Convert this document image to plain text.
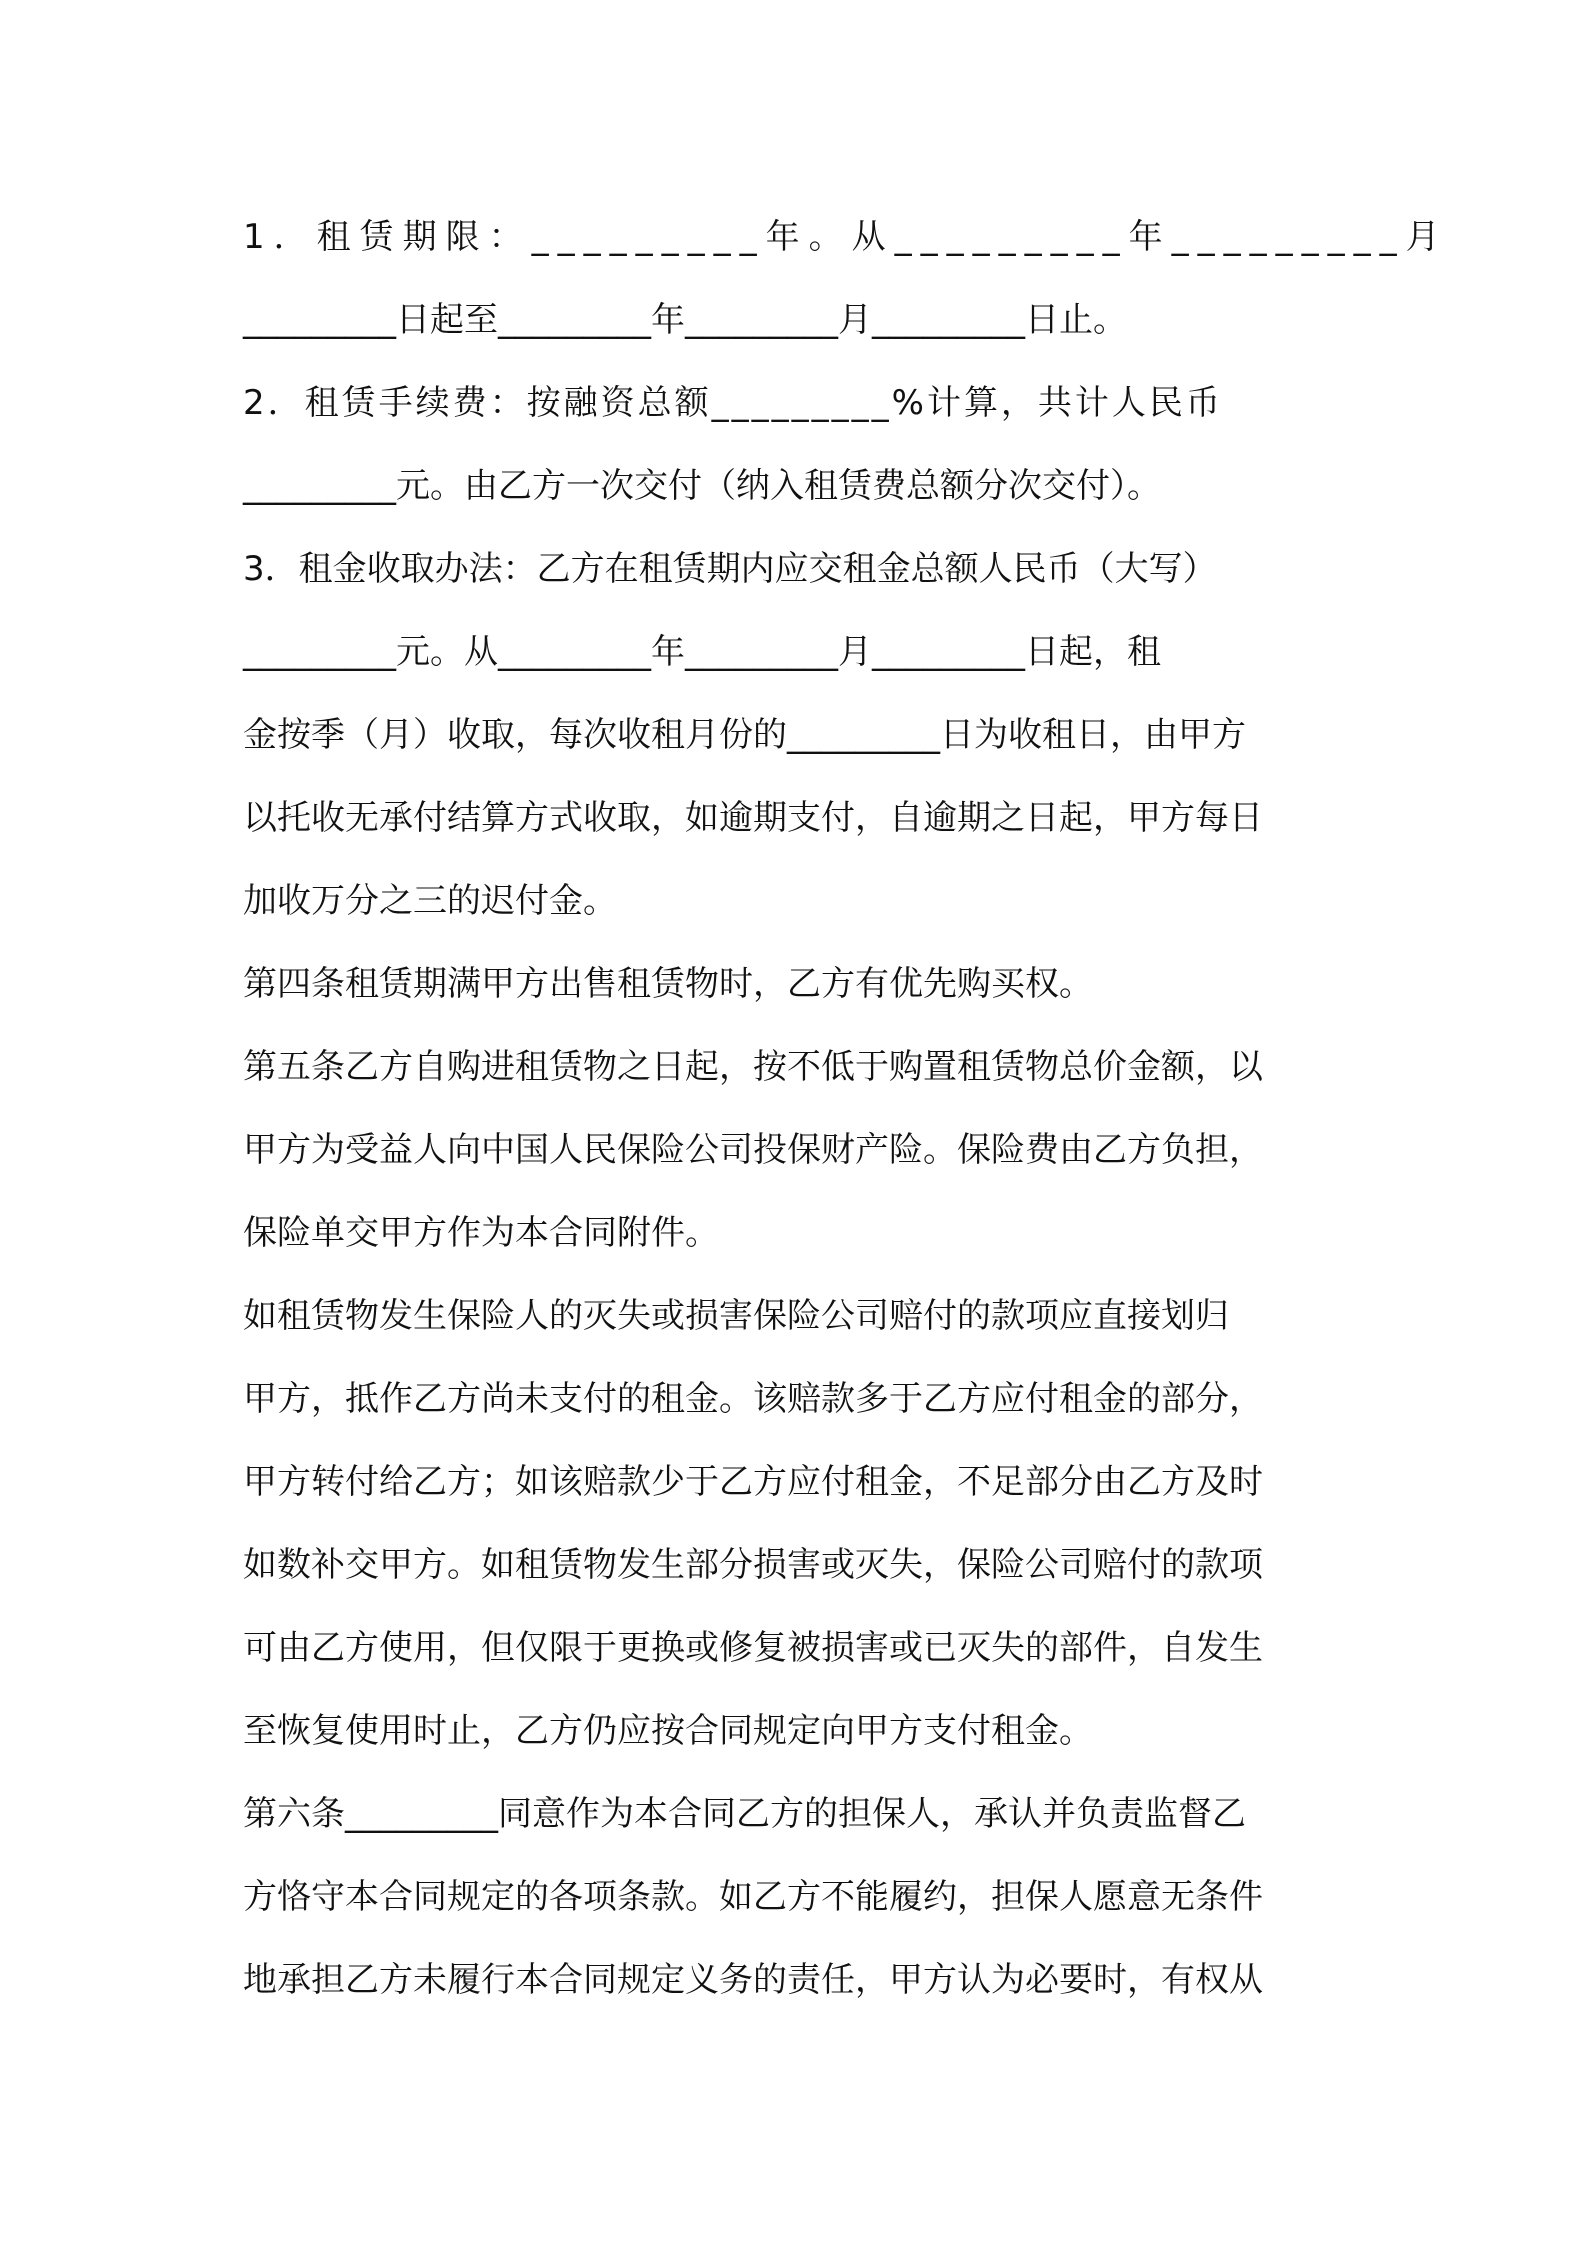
1．租赁期限：_________年。从_________年_________月
_________日起至_________年_________月_________日止。
2．租赁手续费：按融资总额_________%计算，共计人民币
_________元。由乙方一次交付（纳入租赁费总额分次交付）。
3．租金收取办法：乙方在租赁期内应交租金总额人民币（大写）
_________元。从_________年_________月_________日起，租
金按季（月）收取，每次收租月份的_________日为收租日，由甲方
以托收无承付结算方式收取，如逾期支付，自逾期之日起，甲方每日
加收万分之三的迟付金。
第四条租赁期满甲方出售租赁物时，乙方有优先购买权。
第五条乙方自购进租赁物之日起，按不低于购置租赁物总价金额，以
甲方为受益人向中国人民保险公司投保财产险。保险费由乙方负担，
保险单交甲方作为本合同附件。
如租赁物发生保险人的灭失或损害保险公司赔付的款项应直接划归
甲方，抵作乙方尚未支付的租金。该赔款多于乙方应付租金的部分，
甲方转付给乙方；如该赔款少于乙方应付租金，不足部分由乙方及时
如数补交甲方。如租赁物发生部分损害或灭失，保险公司赔付的款项
可由乙方使用，但仅限于更换或修复被损害或已灭失的部件，自发生
至恢复使用时止，乙方仍应按合同规定向甲方支付租金。
第六条_________同意作为本合同乙方的担保人，承认并负责监督乙
方恪守本合同规定的各项条款。如乙方不能履约，担保人愿意无条件
地承担乙方未履行本合同规定义务的责任，甲方认为必要时，有权从
